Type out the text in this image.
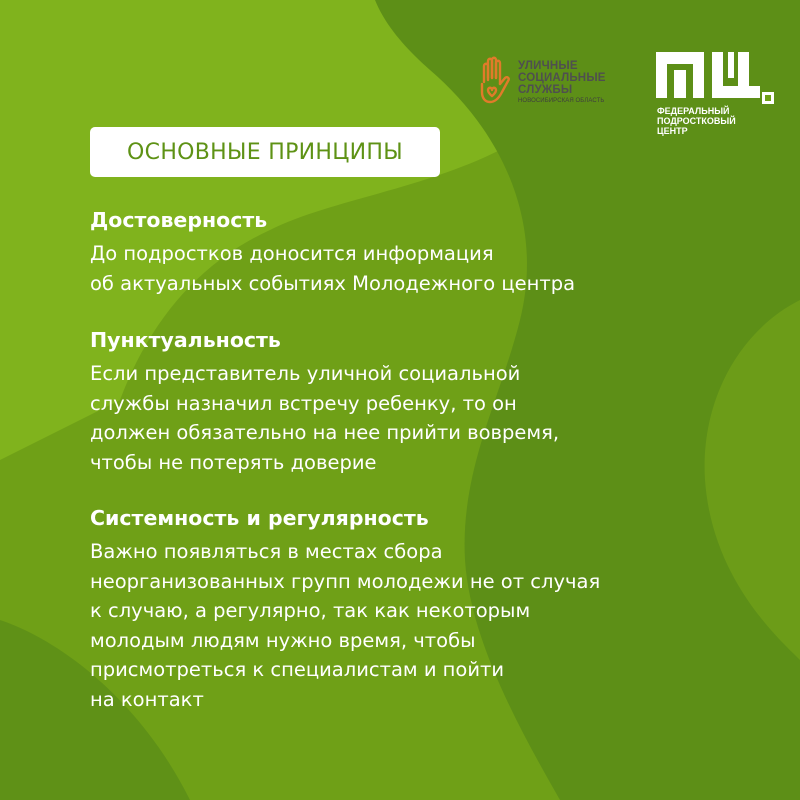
УЛИЧНЫЕ
СОЦИАЛЬНЫЕ
СЛУЖБЫ
НОВОСИБИРСКАЯ ОБЛАСТЬ
ФЕДЕРАЛЬНЫЙ
ПОДРОСТКОВЫЙ
ЦЕНТР
ОСНОВНЫЕ ПРИНЦИПЫ
Достоверность
До подростков доносится информация
об актуальных событиях Молодежного центра
Пунктуальность
Если представитель уличной социальной
службы назначил встречу ребенку, то он
должен обязательно на нее прийти вовремя,
чтобы не потерять доверие
Системность и регулярность
Важно появляться в местах сбора
неорганизованных групп молодежи не от случая
к случаю, а регулярно, так как некоторым
молодым людям нужно время, чтобы
присмотреться к специалистам и пойти
на контакт
